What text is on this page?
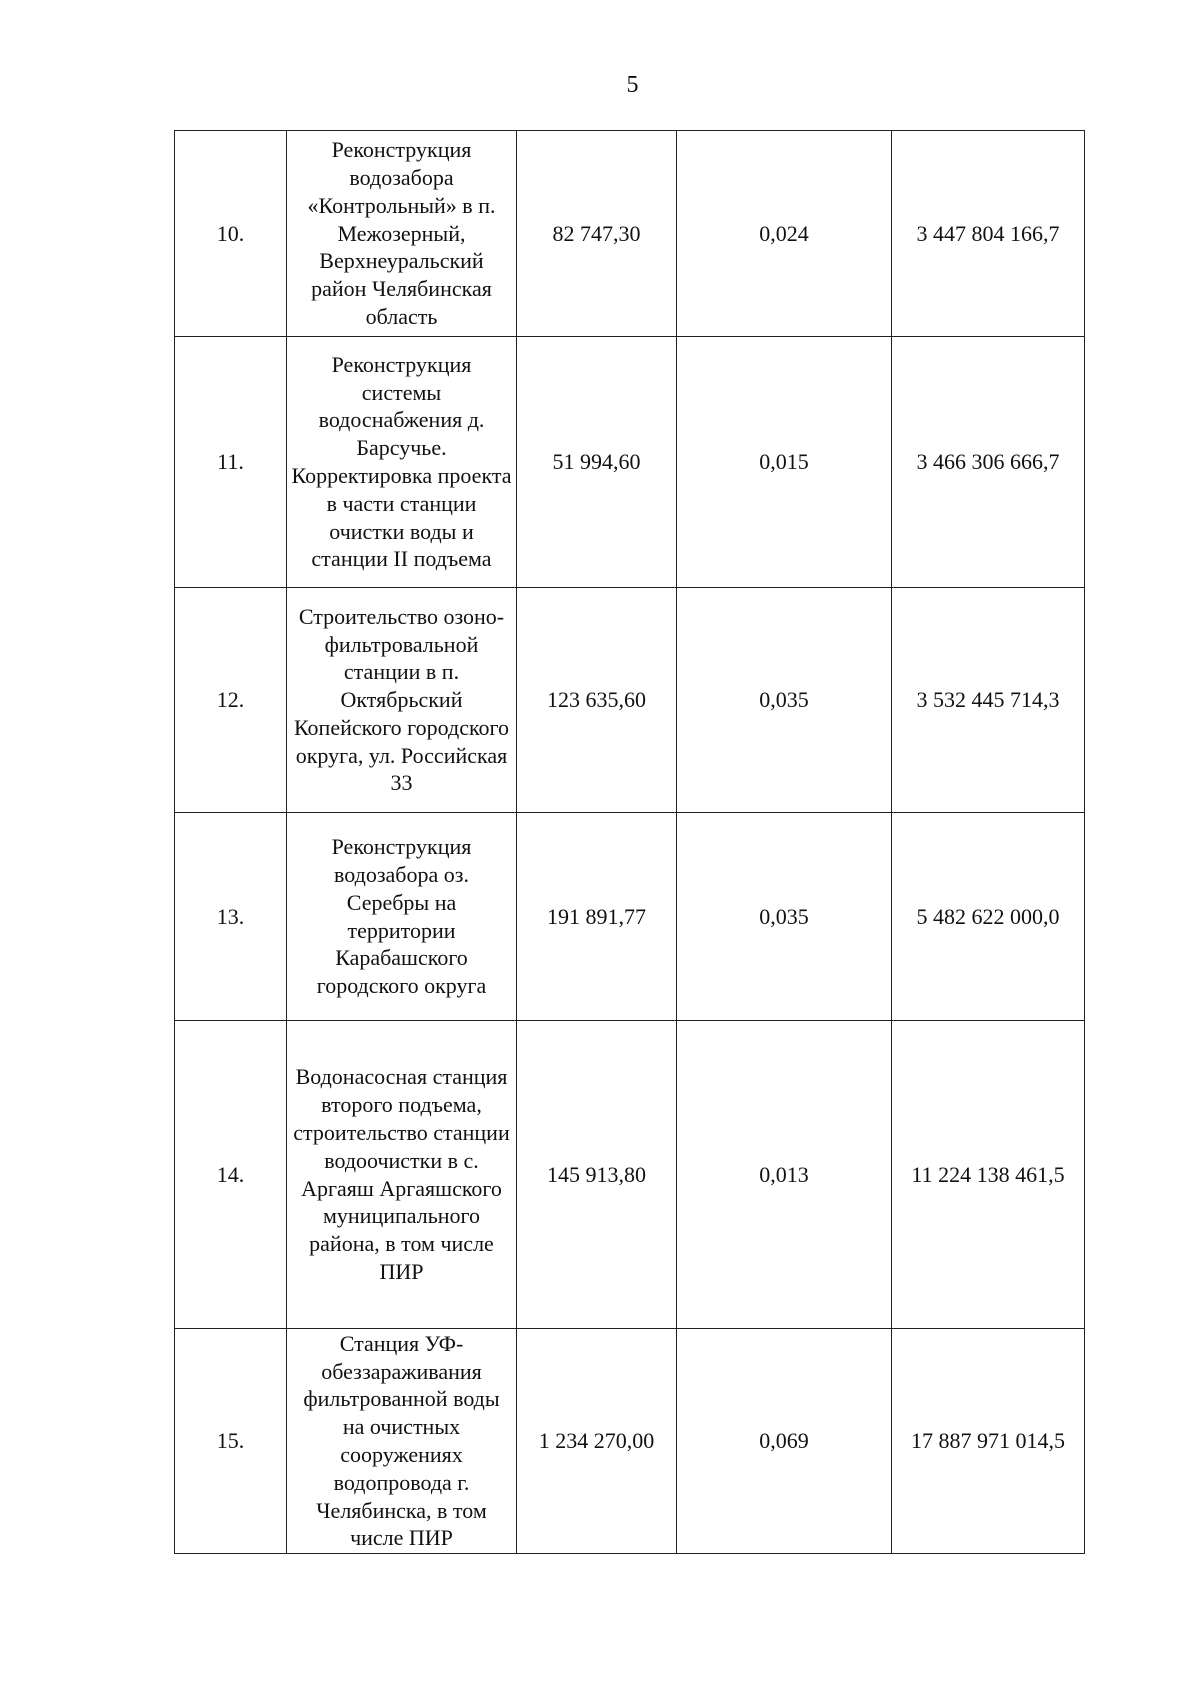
5
10.	Реконструкция водозабора «Контрольный» в п. Межозерный, Верхнеуральский район Челябинская область	82 747,30	0,024	3 447 804 166,7
11.	Реконструкция системы водоснабжения д. Барсучье. Корректировка проекта в части станции очистки воды и станции II подъема	51 994,60	0,015	3 466 306 666,7
12.	Строительство озоно-фильтровальной станции в п. Октябрьский Копейского городского округа, ул. Российская 33	123 635,60	0,035	3 532 445 714,3
13.	Реконструкция водозабора оз. Серебры на территории Карабашского городского округа	191 891,77	0,035	5 482 622 000,0
14.	Водонасосная станция второго подъема, строительство станции водоочистки в с. Аргаяш Аргаяшского муниципального района, в том числе ПИР	145 913,80	0,013	11 224 138 461,5
15.	Станция УФ-обеззараживания фильтрованной воды на очистных сооружениях водопровода г. Челябинска, в том числе ПИР	1 234 270,00	0,069	17 887 971 014,5
